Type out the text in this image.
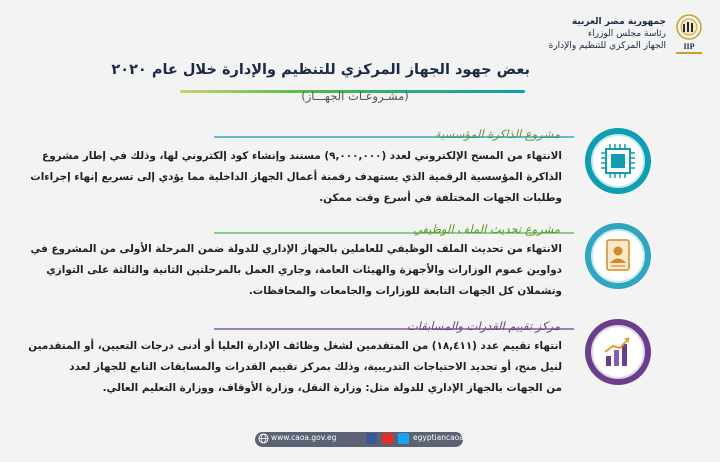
جمهورية مصر العربية
رئاسة مجلس الوزراء
الجهاز المركزي للتنظيم والإدارة IIP
بعض جهود الجهاز المركزي للتنظيم والإدارة خلال عام ٢٠٢٠
(مشـروعـات الجهـــاز)
مشروع الذاكرة المؤسسية
الانتهاء من المسح الإلكتروني لعدد (٩,٠٠٠,٠٠٠) مستند وإنشاء كود إلكتروني لها، وذلك في إطار مشروع
الذاكرة المؤسسية الرقمية الذي يستهدف رقمنة أعمال الجهاز الداخلية مما يؤدي إلى تسريع إنهاء إجراءات
وطلبات الجهات المختلفة في أسرع وقت ممكن.
مشروع تحديث الملف الوظيفي
الانتهاء من تحديث الملف الوظيفي للعاملين بالجهاز الإداري للدولة ضمن المرحلة الأولى من المشروع في
دواوين عموم الوزارات والأجهزة والهيئات العامة، وجاري العمل بالمرحلتين الثانية والثالثة على التوازي
وتشملان كل الجهات التابعة للوزارات والجامعات والمحافظات.
مركز تقييم القدرات والمسابقات
انتهاء تقييم عدد (١٨,٤١١) من المتقدمين لشغل وظائف الإدارة العليا أو أدنى درجات التعيين، أو المتقدمين
لنيل منح، أو تحديد الاحتياجات التدريبية، وذلك بمركز تقييم القدرات والمسابقات التابع للجهاز لعدد
من الجهات بالجهاز الإداري للدولة مثل: وزارة النقل، وزارة الأوقاف، ووزارة التعليم العالي.
www.caoa.gov.eg	egyptiancaoa
